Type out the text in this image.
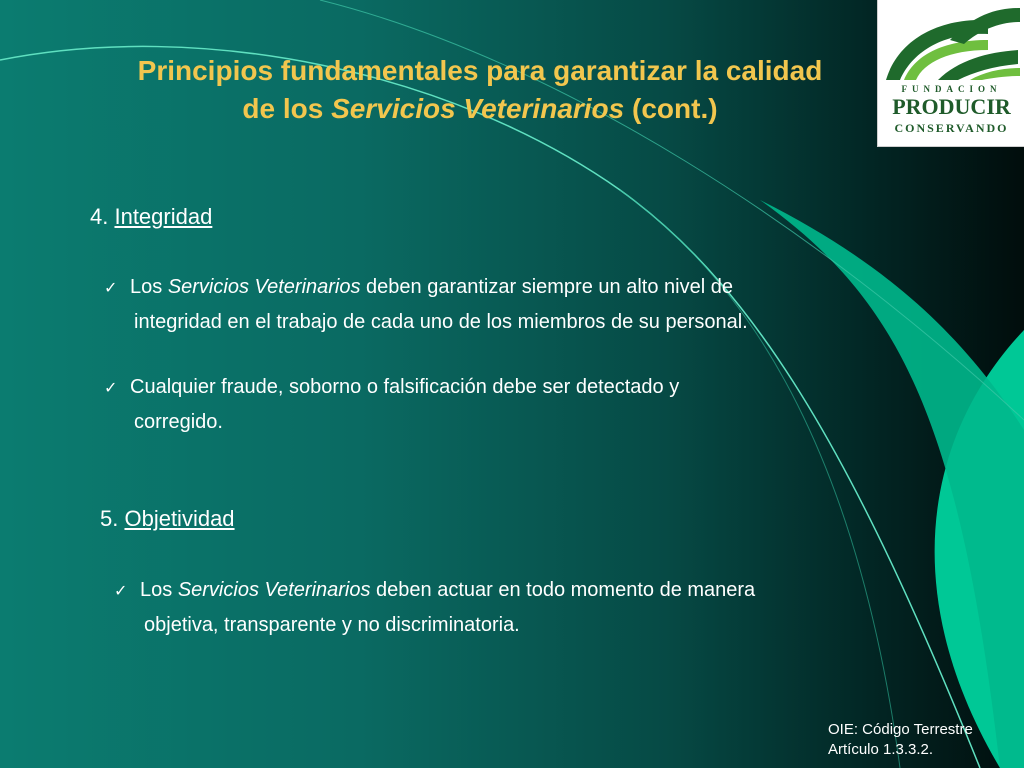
Principios fundamentales para garantizar la calidad
de los Servicios Veterinarios (cont.)
4. Integridad
✓ Los Servicios Veterinarios deben garantizar siempre un alto nivel de
integridad en el trabajo de cada uno de los miembros de su personal.
✓ Cualquier fraude, soborno o falsificación debe ser detectado y
corregido.
5. Objetividad
✓ Los Servicios Veterinarios deben actuar en todo momento de manera
objetiva, transparente y no discriminatoria.
OIE: Código Terrestre
Artículo 1.3.3.2.
FUNDACION
PRODUCIR
CONSERVANDO
